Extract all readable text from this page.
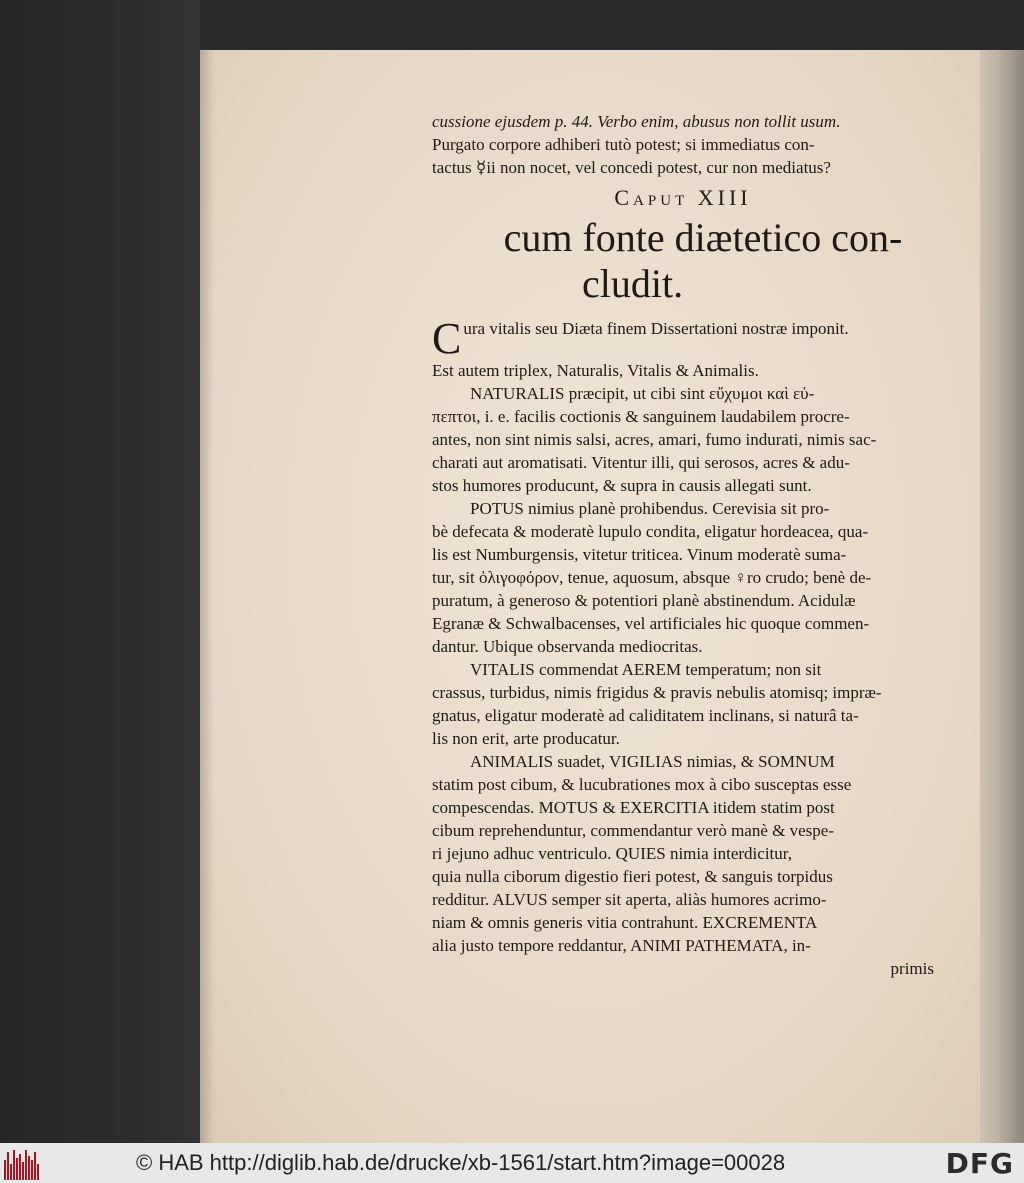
cussione ejusdem p. 44. Verbo enim, abusus non tollit usum.
Purgato corpore adhiberi tutò potest; si immediatus con-
tactus ☿ii non nocet, vel concedi potest, cur non mediatus?
Caput XIII
cum fonte diætetico con-
cludit.
C ura vitalis seu Diæta finem Dissertationi nostræ imponit.
Est autem triplex, Naturalis, Vitalis & Animalis.
NATURALIS præcipit, ut cibi sint εὔχυμοι καὶ εὐ-
πεπτοι, i. e. facilis coctionis & sanguinem laudabilem procre-
antes, non sint nimis salsi, acres, amari, fumo indurati, nimis sac-
charati aut aromatisati. Vitentur illi, qui serosos, acres & adu-
stos humores producunt, & supra in causis allegati sunt.
POTUS nimius planè prohibendus. Cerevisia sit pro-
bè defecata & moderatè lupulo condita, eligatur hordeacea, qua-
lis est Numburgensis, vitetur triticea. Vinum moderatè suma-
tur, sit ὀλιγοφόρον, tenue, aquosum, absque ♀ro crudo; benè de-
puratum, à generoso & potentiori planè abstinendum. Acidulæ
Egranæ & Schwalbacenses, vel artificiales hic quoque commen-
dantur. Ubique observanda mediocritas.
VITALIS commendat AEREM temperatum; non sit
crassus, turbidus, nimis frigidus & pravis nebulis atomisq; impræ-
gnatus, eligatur moderatè ad caliditatem inclinans, si naturâ ta-
lis non erit, arte producatur.
ANIMALIS suadet, VIGILIAS nimias, & SOMNUM
statim post cibum, & lucubrationes mox à cibo susceptas esse
compescendas. MOTUS & EXERCITIA itidem statim post
cibum reprehenduntur, commendantur verò manè & vespe-
ri jejuno adhuc ventriculo. QUIES nimia interdicitur,
quia nulla ciborum digestio fieri potest, & sanguis torpidus
redditur. ALVUS semper sit aperta, aliàs humores acrimo-
niam & omnis generis vitia contrahunt. EXCREMENTA
alia justo tempore reddantur, ANIMI PATHEMATA, in-
primis
© HAB http://diglib.hab.de/drucke/xb-1561/start.htm?image=00028	DFG
